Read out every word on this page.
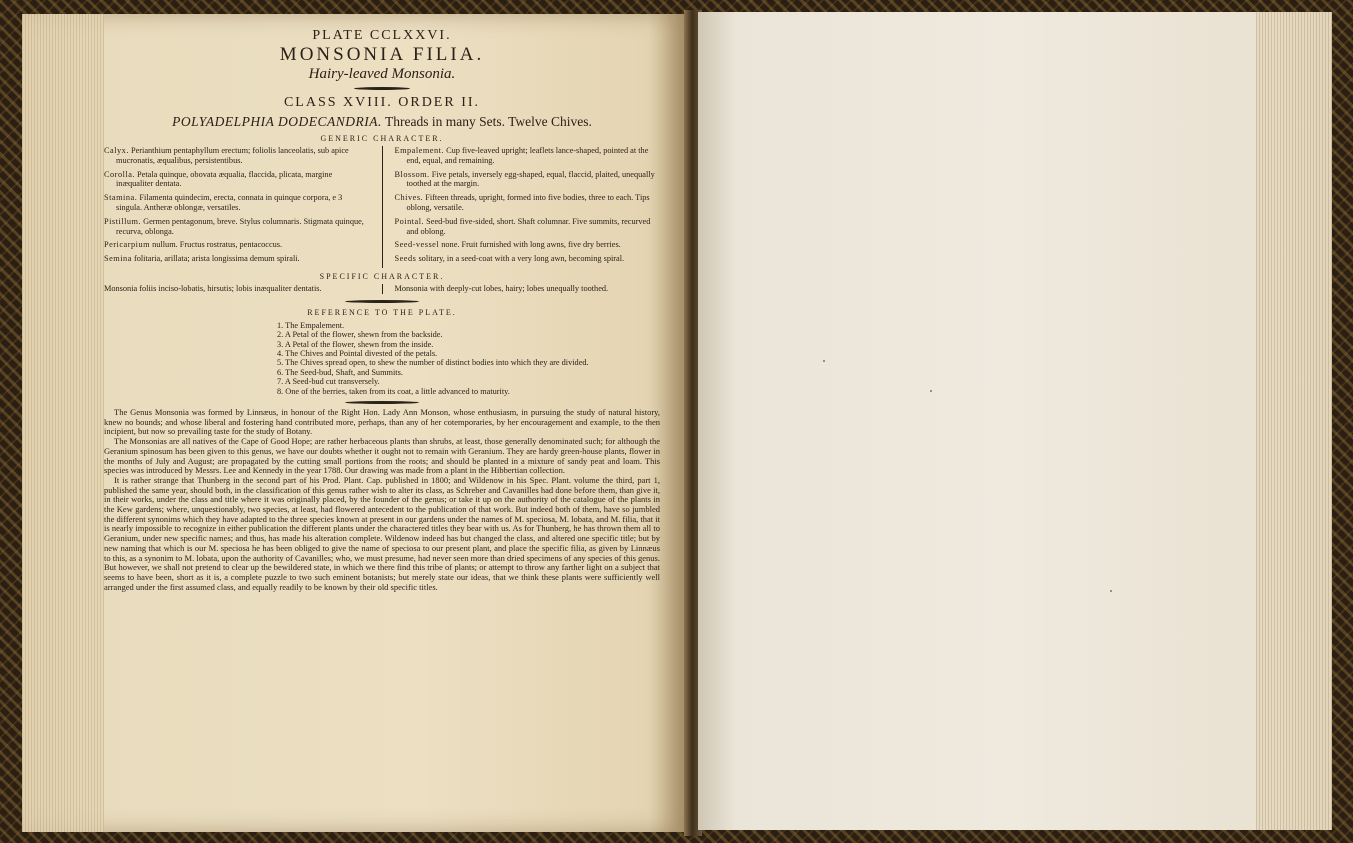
PLATE CCLXXVI.
MONSONIA FILIA.
Hairy-leaved Monsonia.
CLASS XVIII. ORDER II.
POLYADELPHIA DODECANDRIA. Threads in many Sets. Twelve Chives.
GENERIC CHARACTER.

Calyx. Perianthium pentaphyllum erectum; foliolis lanceolatis, sub apice mucronatis, æqualibus, persistentibus.

Corolla. Petala quinque, obovata æqualia, flaccida, plicata, margine inæqualiter dentata.

Stamina. Filamenta quindecim, erecta, connata in quinque corpora, e 3 singula. Antheræ oblongæ, versatiles.

Pistillum. Germen pentagonum, breve. Stylus columnaris. Stigmata quinque, recurva, oblonga.

Pericarpium nullum. Fructus rostratus, pentacoccus.

Semina folitaria, arillata; arista longissima demum spirali.

Empalement. Cup five-leaved upright; leaflets lance-shaped, pointed at the end, equal, and remaining.

Blossom. Five petals, inversely egg-shaped, equal, flaccid, plaited, unequally toothed at the margin.

Chives. Fifteen threads, upright, formed into five bodies, three to each. Tips oblong, versatile.

Pointal. Seed-bud five-sided, short. Shaft columnar. Five summits, recurved and oblong.

Seed-vessel none. Fruit furnished with long awns, five dry berries.

Seeds solitary, in a seed-coat with a very long awn, becoming spiral.

SPECIFIC CHARACTER.
Monsonia foliis inciso-lobatis, hirsutis; lobis inæqualiter dentatis.	Monsonia with deeply-cut lobes, hairy; lobes unequally toothed.
REFERENCE TO THE PLATE.
1. The Empalement.
2. A Petal of the flower, shewn from the backside.
3. A Petal of the flower, shewn from the inside.
4. The Chives and Pointal divested of the petals.
5. The Chives spread open, to shew the number of distinct bodies into which they are divided.
6. The Seed-bud, Shaft, and Summits.
7. A Seed-bud cut transversely.
8. One of the berries, taken from its coat, a little advanced to maturity.

The Genus Monsonia was formed by Linnæus, in honour of the Right Hon. Lady Ann Monson, whose enthusiasm, in pursuing the study of natural history, knew no bounds; and whose liberal and fostering hand contributed more, perhaps, than any of her cotemporaries, by her encouragement and example, to the then incipient, but now so prevailing taste for the study of Botany.

The Monsonias are all natives of the Cape of Good Hope; are rather herbaceous plants than shrubs, at least, those generally denominated such; for although the Geranium spinosum has been given to this genus, we have our doubts whether it ought not to remain with Geranium. They are hardy green-house plants, flower in the months of July and August; are propagated by the cutting small portions from the roots; and should be planted in a mixture of sandy peat and loam. This species was introduced by Messrs. Lee and Kennedy in the year 1788. Our drawing was made from a plant in the Hibbertian collection.

It is rather strange that Thunberg in the second part of his Prod. Plant. Cap. published in 1800; and Wildenow in his Spec. Plant. volume the third, part 1, published the same year, should both, in the classification of this genus rather wish to alter its class, as Schreber and Cavanilles had done before them, than give it, in their works, under the class and title where it was originally placed, by the founder of the genus; or take it up on the authority of the catalogue of the plants in the Kew gardens; where, unquestionably, two species, at least, had flowered antecedent to the publication of that work. But indeed both of them, have so jumbled the different synonims which they have adapted to the three species known at present in our gardens under the names of M. speciosa, M. lobata, and M. filia, that it is nearly impossible to recognize in either publication the different plants under the charactered titles they bear with us. As for Thunberg, he has thrown them all to Geranium, under new specific names; and thus, has made his alteration complete. Wildenow indeed has but changed the class, and altered one specific title; but by new naming that which is our M. speciosa he has been obliged to give the name of speciosa to our present plant, and place the specific filia, as given by Linnæus to this, as a synonim to M. lobata, upon the authority of Cavanilles; who, we must presume, had never seen more than dried specimens of any species of this genus. But however, we shall not pretend to clear up the bewildered state, in which we there find this tribe of plants; or attempt to throw any farther light on a subject that seems to have been, short as it is, a complete puzzle to two such eminent botanists; but merely state our ideas, that we think these plants were sufficiently well arranged under the first assumed class, and equally readily to be known by their old specific titles.
